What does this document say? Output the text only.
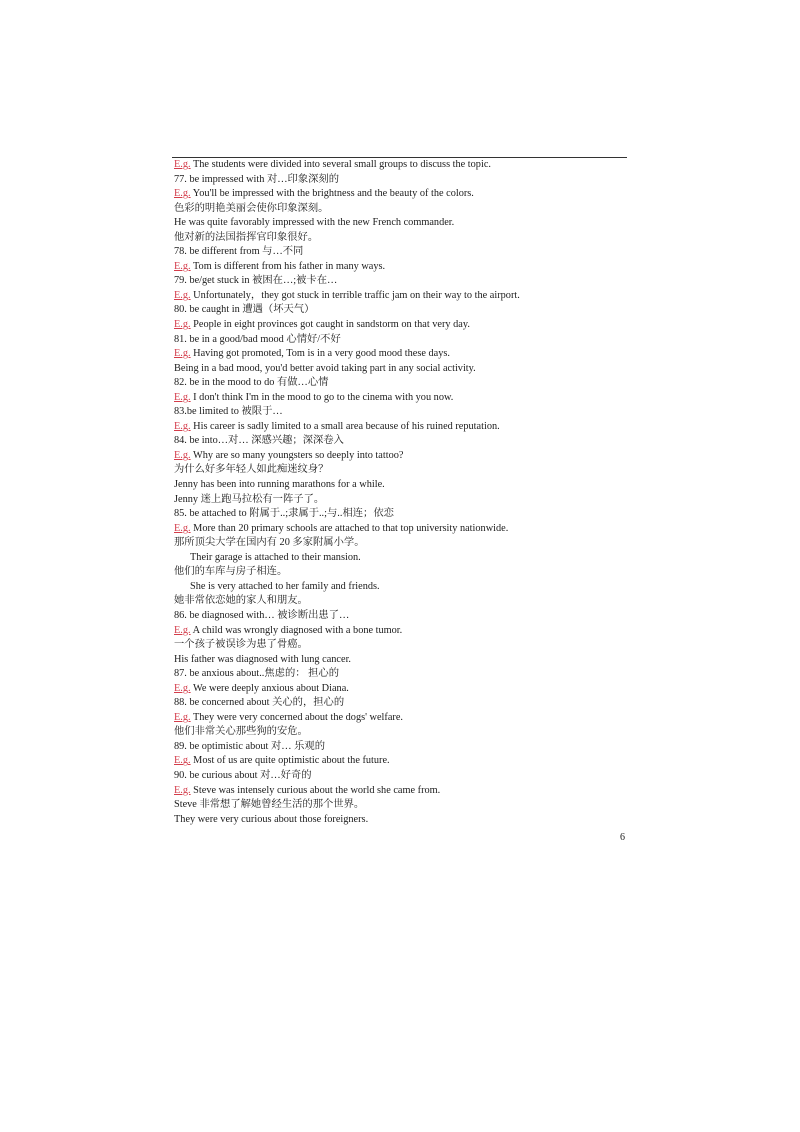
E.g. The students were divided into several small groups to discuss the topic.
77. be impressed with 对…印象深刻的
E.g. You'll be impressed with the brightness and the beauty of the colors.
色彩的明艳美丽会使你印象深刻。
He was quite favorably impressed with the new French commander.
他对新的法国指挥官印象很好。
78. be different from 与…不同
E.g. Tom is different from his father in many ways.
79. be/get stuck in 被困在…;被卡在…
E.g. Unfortunately，they got stuck in terrible traffic jam on their way to the airport.
80. be caught in 遭遇（坏天气）
E.g. People in eight provinces got caught in sandstorm on that very day.
81. be in a good/bad mood 心情好/不好
E.g. Having got promoted, Tom is in a very good mood these days.
Being in a bad mood, you'd better avoid taking part in any social activity.
82. be in the mood to do 有做…心情
E.g. I don't think I'm in the mood to go to the cinema with you now.
83.be limited to 被限于…
E.g. His career is sadly limited to a small area because of his ruined reputation.
84. be into…对… 深感兴趣；深深卷入
E.g. Why are so many youngsters so deeply into tattoo?
为什么好多年轻人如此痴迷纹身？
Jenny has been into running marathons for a while.
Jenny 迷上跑马拉松有一阵子了。
85. be attached to 附属于..;隶属于..;与..相连；依恋
E.g. More than 20 primary schools are attached to that top university nationwide.
那所顶尖大学在国内有 20 多家附属小学。
Their garage is attached to their mansion.
他们的车库与房子相连。
She is very attached to her family and friends.
她非常依恋她的家人和朋友。
86. be diagnosed with… 被诊断出患了…
E.g. A child was wrongly diagnosed with a bone tumor.
一个孩子被误诊为患了骨癌。
His father was diagnosed with lung cancer.
87. be anxious about..焦虑的： 担心的
E.g. We were deeply anxious about Diana.
88. be concerned about 关心的，担心的
E.g. They were very concerned about the dogs' welfare.
他们非常关心那些狗的安危。
89. be optimistic about 对… 乐观的
E.g. Most of us are quite optimistic about the future.
90. be curious about 对…好奇的
E.g. Steve was intensely curious about the world she came from.
Steve 非常想了解她曾经生活的那个世界。
They were very curious about those foreigners.
6
